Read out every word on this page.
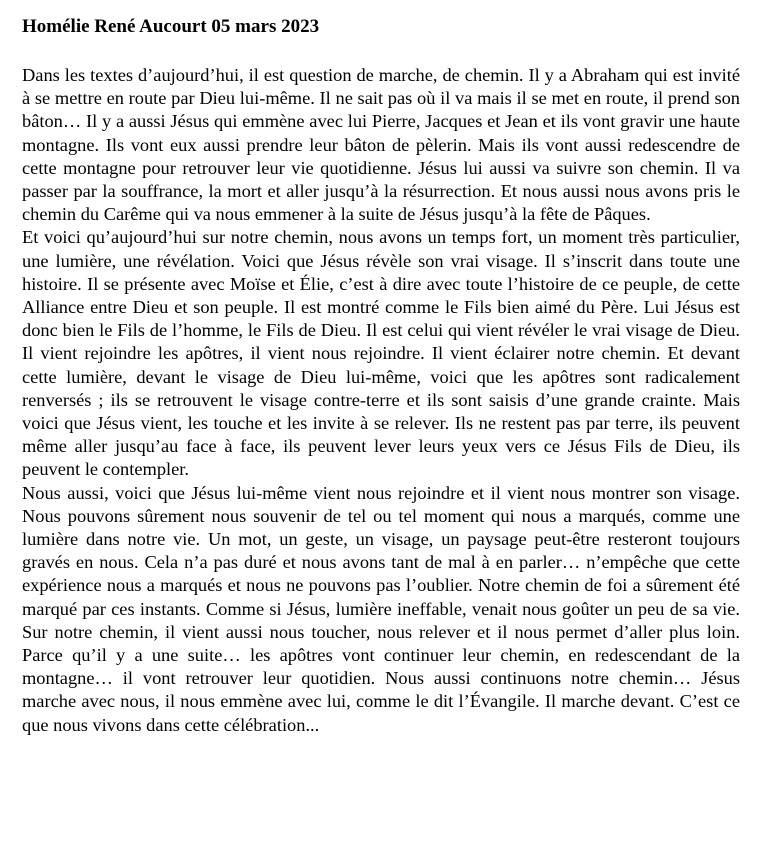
Homélie René Aucourt 05 mars 2023

Dans les textes d’aujourd’hui, il est question de marche, de chemin. Il y a Abraham qui est invité à se mettre en route par Dieu lui-même. Il ne sait pas où il va mais il se met en route, il prend son bâton… Il y a aussi Jésus qui emmène avec lui Pierre, Jacques et Jean et ils vont gravir une haute montagne. Ils vont eux aussi prendre leur bâton de pèlerin. Mais ils vont aussi redescendre de cette montagne pour retrouver leur vie quotidienne. Jésus lui aussi va suivre son chemin. Il va passer par la souffrance, la mort et aller jusqu’à la résurrection. Et nous aussi nous avons pris le chemin du Carême qui va nous emmener à la suite de Jésus jusqu’à la fête de Pâques.

Et voici qu’aujourd’hui sur notre chemin, nous avons un temps fort, un moment très particulier, une lumière, une révélation. Voici que Jésus révèle son vrai visage. Il s’inscrit dans toute une histoire. Il se présente avec Moïse et Élie, c’est à dire avec toute l’histoire de ce peuple, de cette Alliance entre Dieu et son peuple. Il est montré comme le Fils bien aimé du Père. Lui Jésus est donc bien le Fils de l’homme, le Fils de Dieu. Il est celui qui vient révéler le vrai visage de Dieu. Il vient rejoindre les apôtres, il vient nous rejoindre. Il vient éclairer notre chemin. Et devant cette lumière, devant le visage de Dieu lui-même, voici que les apôtres sont radicalement renversés ; ils se retrouvent le visage contre-terre et ils sont saisis d’une grande crainte. Mais voici que Jésus vient, les touche et les invite à se relever. Ils ne restent pas par terre, ils peuvent même aller jusqu’au face à face, ils peuvent lever leurs yeux vers ce Jésus Fils de Dieu, ils peuvent le contempler.

Nous aussi, voici que Jésus lui-même vient nous rejoindre et il vient nous montrer son visage. Nous pouvons sûrement nous souvenir de tel ou tel moment qui nous a marqués, comme une lumière dans notre vie. Un mot, un geste, un visage, un paysage peut-être resteront toujours gravés en nous. Cela n’a pas duré et nous avons tant de mal à en parler… n’empêche que cette expérience nous a marqués et nous ne pouvons pas l’oublier. Notre chemin de foi a sûrement été marqué par ces instants. Comme si Jésus, lumière ineffable, venait nous goûter un peu de sa vie. Sur notre chemin, il vient aussi nous toucher, nous relever et il nous permet d’aller plus loin. Parce qu’il y a une suite… les apôtres vont continuer leur chemin, en redescendant de la montagne… il vont retrouver leur quotidien. Nous aussi continuons notre chemin… Jésus marche avec nous, il nous emmène avec lui, comme le dit l’Évangile. Il marche devant. C’est ce que nous vivons dans cette célébration...
